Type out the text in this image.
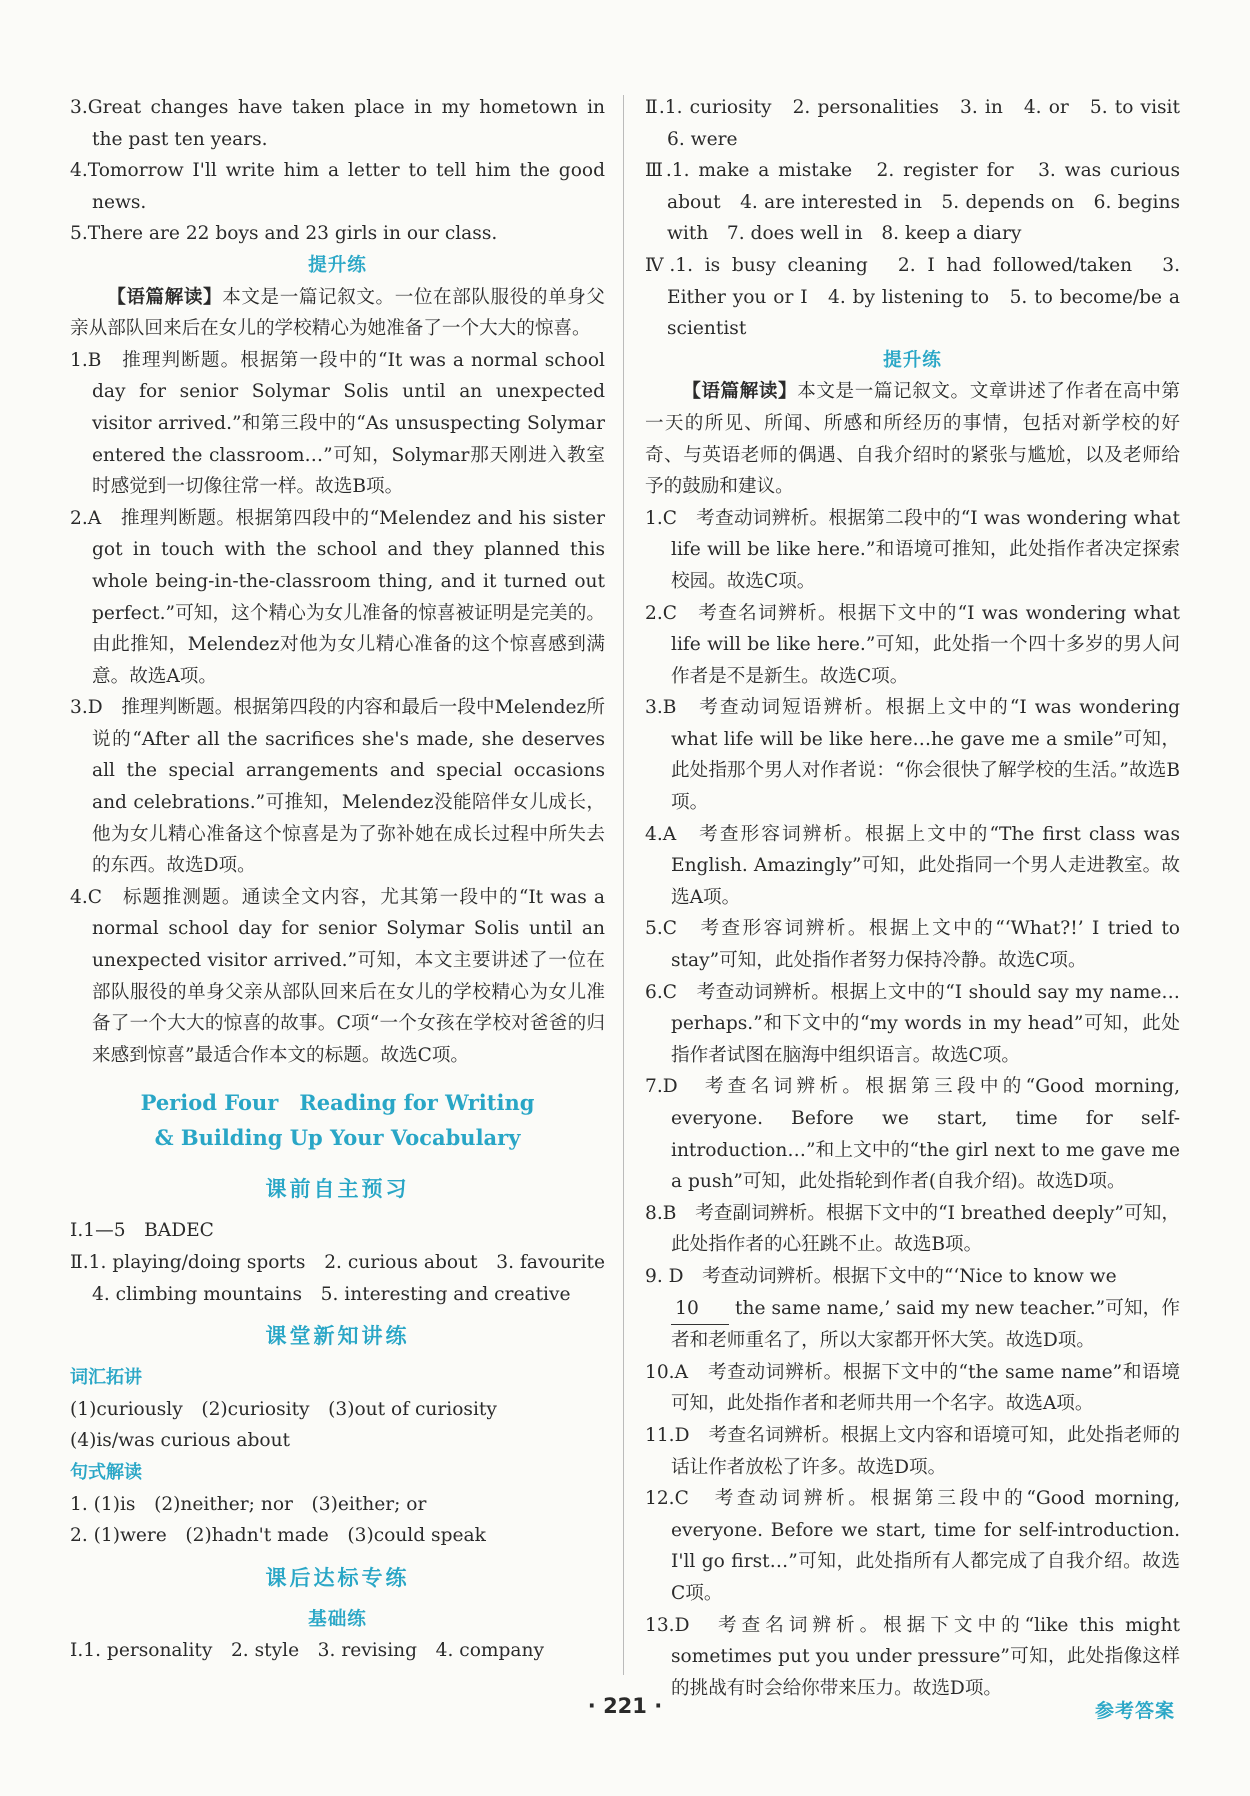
3.Great changes have taken place in my hometown in the past ten years.

4.Tomorrow I'll write him a letter to tell him the good news.

5.There are 22 boys and 23 girls in our class.

提升练

【语篇解读】本文是一篇记叙文。一位在部队服役的单身父亲从部队回来后在女儿的学校精心为她准备了一个大大的惊喜。

1.B　推理判断题。根据第一段中的“It was a normal school day for senior Solymar Solis until an unexpected visitor arrived.”和第三段中的“As unsuspecting Solymar entered the classroom…”可知，Solymar那天刚进入教室时感觉到一切像往常一样。故选B项。

2.A　推理判断题。根据第四段中的“Melendez and his sister got in touch with the school and they planned this whole being-in-the-classroom thing, and it turned out perfect.”可知，这个精心为女儿准备的惊喜被证明是完美的。由此推知，Melendez对他为女儿精心准备的这个惊喜感到满意。故选A项。

3.D　推理判断题。根据第四段的内容和最后一段中Melendez所说的“After all the sacrifices she's made, she deserves all the special arrangements and special occasions and celebrations.”可推知，Melendez没能陪伴女儿成长，他为女儿精心准备这个惊喜是为了弥补她在成长过程中所失去的东西。故选D项。

4.C　标题推测题。通读全文内容，尤其第一段中的“It was a normal school day for senior Solymar Solis until an unexpected visitor arrived.”可知，本文主要讲述了一位在部队服役的单身父亲从部队回来后在女儿的学校精心为女儿准备了一个大大的惊喜的故事。C项“一个女孩在学校对爸爸的归来感到惊喜”最适合作本文的标题。故选C项。

Period Four　Reading for Writing
& Building Up Your Vocabulary

课前自主预习

Ⅰ.1—5　BADEC

Ⅱ.1. playing/doing sports　2. curious about　3. favourite　4. climbing mountains　5. interesting and creative

课堂新知讲练

词汇拓讲

(1)curiously　(2)curiosity　(3)out of curiosity

(4)is/was curious about

句式解读

1. (1)is　(2)neither; nor　(3)either; or

2. (1)were　(2)hadn't made　(3)could speak

课后达标专练

基础练

Ⅰ.1. personality　2. style　3. revising　4. company

Ⅱ.1. curiosity　2. personalities　3. in　4. or　5. to visit　6. were

Ⅲ.1. make a mistake　2. register for　3. was curious about　4. are interested in　5. depends on　6. begins with　7. does well in　8. keep a diary

Ⅳ.1. is busy cleaning　2. I had followed/taken　3. Either you or I　4. by listening to　5. to become/be a scientist

提升练

【语篇解读】本文是一篇记叙文。文章讲述了作者在高中第一天的所见、所闻、所感和所经历的事情，包括对新学校的好奇、与英语老师的偶遇、自我介绍时的紧张与尴尬，以及老师给予的鼓励和建议。

1.C　考查动词辨析。根据第二段中的“I was wondering what life will be like here.”和语境可推知，此处指作者决定探索校园。故选C项。

2.C　考查名词辨析。根据下文中的“I was wondering what life will be like here.”可知，此处指一个四十多岁的男人问作者是不是新生。故选C项。

3.B　考查动词短语辨析。根据上文中的“I was wondering what life will be like here…he gave me a smile”可知，此处指那个男人对作者说：“你会很快了解学校的生活。”故选B项。

4.A　考查形容词辨析。根据上文中的“The first class was English. Amazingly”可知，此处指同一个男人走进教室。故选A项。

5.C　考查形容词辨析。根据上文中的“‘What?!’ I tried to stay”可知，此处指作者努力保持冷静。故选C项。

6.C　考查动词辨析。根据上文中的“I should say my name…perhaps.”和下文中的“my words in my head”可知，此处指作者试图在脑海中组织语言。故选C项。

7.D　考查名词辨析。根据第三段中的“Good morning, everyone. Before we start, time for self-introduction…”和上文中的“the girl next to me gave me a push”可知，此处指轮到作者(自我介绍)。故选D项。

8.B　考查副词辨析。根据下文中的“I breathed deeply”可知，此处指作者的心狂跳不止。故选B项。

9. D　考查动词辨析。根据下文中的“‘Nice to know we
10 the same name,’ said my new teacher.”可知，作者和老师重名了，所以大家都开怀大笑。故选D项。

10.A　考查动词辨析。根据下文中的“the same name”和语境可知，此处指作者和老师共用一个名字。故选A项。

11.D　考查名词辨析。根据上文内容和语境可知，此处指老师的话让作者放松了许多。故选D项。

12.C　考查动词辨析。根据第三段中的“Good morning, everyone. Before we start, time for self-introduction. I'll go first…”可知，此处指所有人都完成了自我介绍。故选C项。

13.D　考查名词辨析。根据下文中的“like this might sometimes put you under pressure”可知，此处指像这样的挑战有时会给你带来压力。故选D项。

· 221 ·	参考答案
